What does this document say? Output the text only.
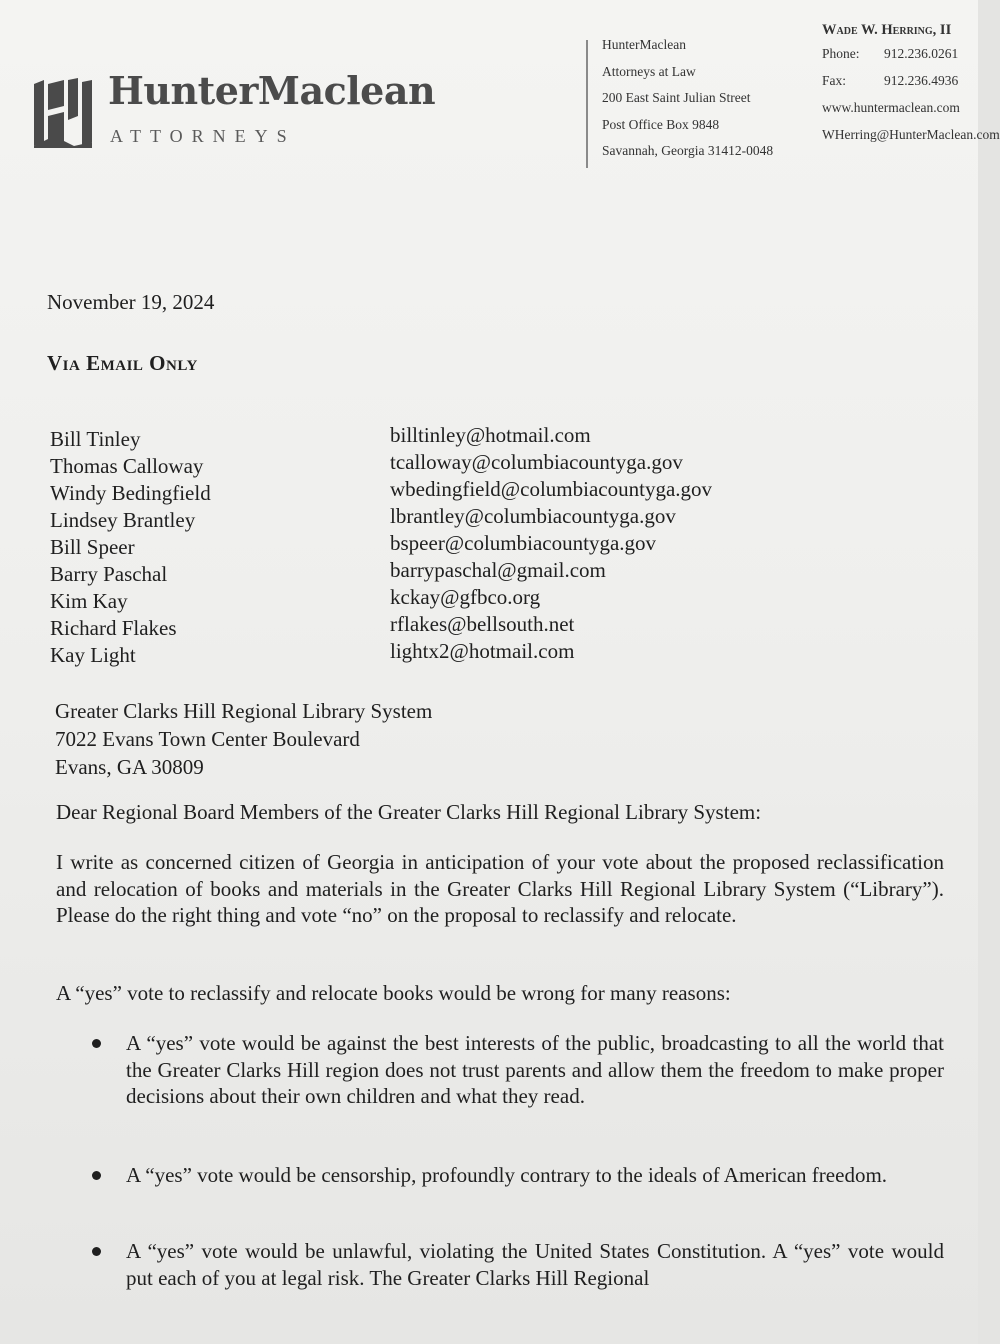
HunterMaclean
ATTORNEYS
HunterMaclean
Attorneys at Law
200 East Saint Julian Street
Post Office Box 9848
Savannah, Georgia 31412-0048
Wade W. Herring, II
Phone: 912.236.0261
Fax:	912.236.4936
www.huntermaclean.com
WHerring@HunterMaclean.com
November 19, 2024
Via Email Only
Bill Tinley	billtinley@hotmail.com
Thomas Calloway	tcalloway@columbiacountyga.gov
Windy Bedingfield	wbedingfield@columbiacountyga.gov
Lindsey Brantley	lbrantley@columbiacountyga.gov
Bill Speer	bspeer@columbiacountyga.gov
Barry Paschal	barrypaschal@gmail.com
Kim Kay	kckay@gfbco.org
Richard Flakes	rflakes@bellsouth.net
Kay Light	lightx2@hotmail.com
Greater Clarks Hill Regional Library System
7022 Evans Town Center Boulevard
Evans, GA 30809
Dear Regional Board Members of the Greater Clarks Hill Regional Library System:
I write as concerned citizen of Georgia in anticipation of your vote about the proposed reclassification and relocation of books and materials in the Greater Clarks Hill Regional Library System (“Library”). Please do the right thing and vote “no” on the proposal to reclassify and relocate.
A “yes” vote to reclassify and relocate books would be wrong for many reasons:
A “yes” vote would be against the best interests of the public, broadcasting to all the world that the Greater Clarks Hill region does not trust parents and allow them the freedom to make proper decisions about their own children and what they read.
A “yes” vote would be censorship, profoundly contrary to the ideals of American freedom.
A “yes” vote would be unlawful, violating the United States Constitution. A “yes” vote would put each of you at legal risk. The Greater Clarks Hill Regional
